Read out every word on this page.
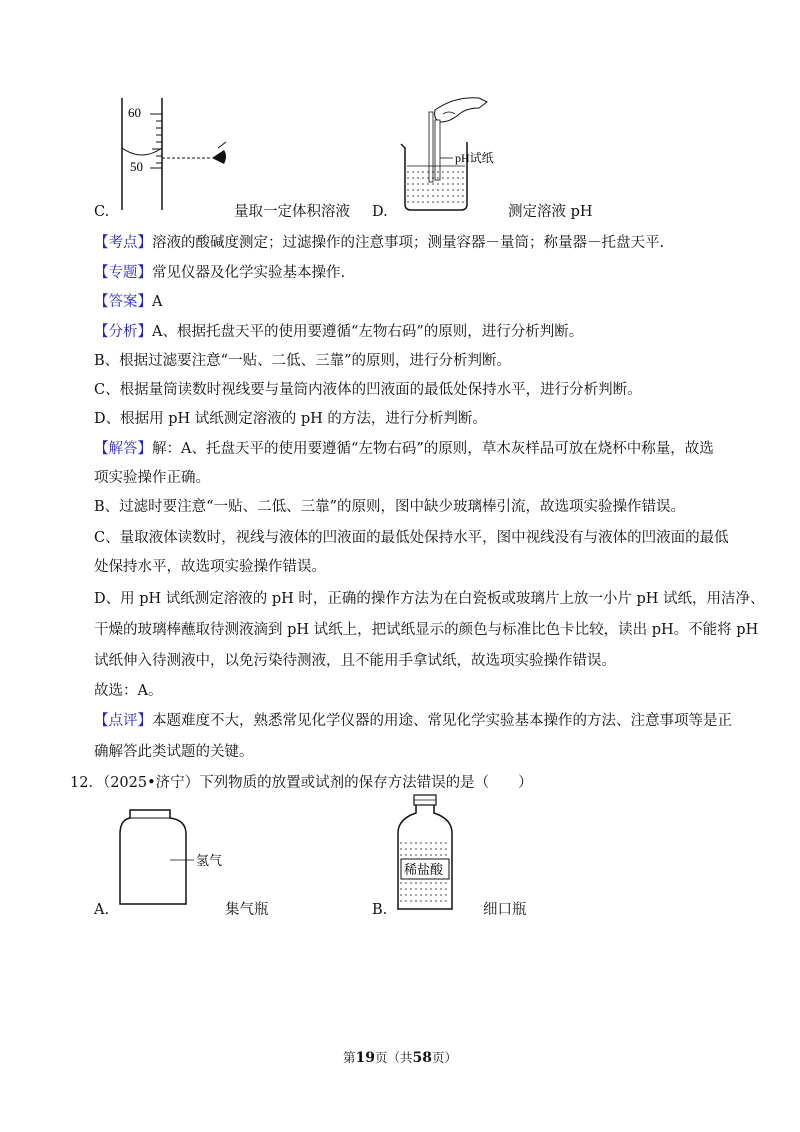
60
50
C.	量取一定体积溶液
pH试纸
D.	测定溶液 pH
【考点】溶液的酸碱度测定；过滤操作的注意事项；测量容器－量筒；称量器－托盘天平.
【专题】常见仪器及化学实验基本操作.
【答案】A
【分析】A、根据托盘天平的使用要遵循“左物右码”的原则，进行分析判断。
B、根据过滤要注意“一贴、二低、三靠”的原则，进行分析判断。
C、根据量筒读数时视线要与量筒内液体的凹液面的最低处保持水平，进行分析判断。
D、根据用 pH 试纸测定溶液的 pH 的方法，进行分析判断。
【解答】解：A、托盘天平的使用要遵循“左物右码”的原则，草木灰样品可放在烧杯中称量，故选
项实验操作正确。
B、过滤时要注意“一贴、二低、三靠”的原则，图中缺少玻璃棒引流，故选项实验操作错误。
C、量取液体读数时，视线与液体的凹液面的最低处保持水平，图中视线没有与液体的凹液面的最低
处保持水平，故选项实验操作错误。
D、用 pH 试纸测定溶液的 pH 时，正确的操作方法为在白瓷板或玻璃片上放一小片 pH 试纸，用洁净、
干燥的玻璃棒蘸取待测液滴到 pH 试纸上，把试纸显示的颜色与标准比色卡比较，读出 pH。不能将 pH
试纸伸入待测液中，以免污染待测液，且不能用手拿试纸，故选项实验操作错误。
故选：A。
【点评】本题难度不大，熟悉常见化学仪器的用途、常见化学实验基本操作的方法、注意事项等是正
确解答此类试题的关键。
12．（2025•济宁）下列物质的放置或试剂的保存方法错误的是（　　）
氢气
A.	集气瓶
稀盐酸
B.	细口瓶
第19页（共58页）
